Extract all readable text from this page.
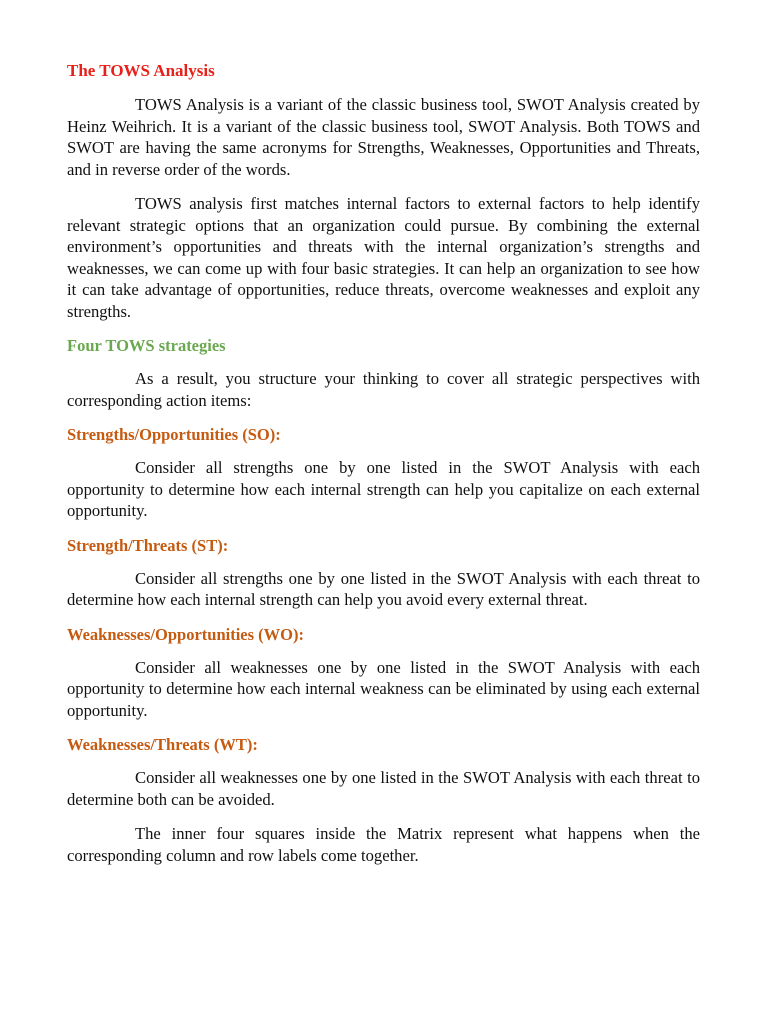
The TOWS Analysis

TOWS Analysis is a variant of the classic business tool, SWOT Analysis created by Heinz Weihrich. It is a variant of the classic business tool, SWOT Analysis. Both TOWS and SWOT are having the same acronyms for Strengths, Weaknesses, Opportunities and Threats, and in reverse order of the words.

TOWS analysis first matches internal factors to external factors to help identify relevant strategic options that an organization could pursue. By combining the external environment’s opportunities and threats with the internal organization’s strengths and weaknesses, we can come up with four basic strategies. It can help an organization to see how it can take advantage of opportunities, reduce threats, overcome weaknesses and exploit any strengths.

Four TOWS strategies

As a result, you structure your thinking to cover all strategic perspectives with corresponding action items:

Strengths/Opportunities (SO):

Consider all strengths one by one listed in the SWOT Analysis with each opportunity to determine how each internal strength can help you capitalize on each external opportunity.

Strength/Threats (ST):

Consider all strengths one by one listed in the SWOT Analysis with each threat to determine how each internal strength can help you avoid every external threat.

Weaknesses/Opportunities (WO):

Consider all weaknesses one by one listed in the SWOT Analysis with each opportunity to determine how each internal weakness can be eliminated by using each external opportunity.

Weaknesses/Threats (WT):

Consider all weaknesses one by one listed in the SWOT Analysis with each threat to determine both can be avoided.

The inner four squares inside the Matrix represent what happens when the corresponding column and row labels come together.
